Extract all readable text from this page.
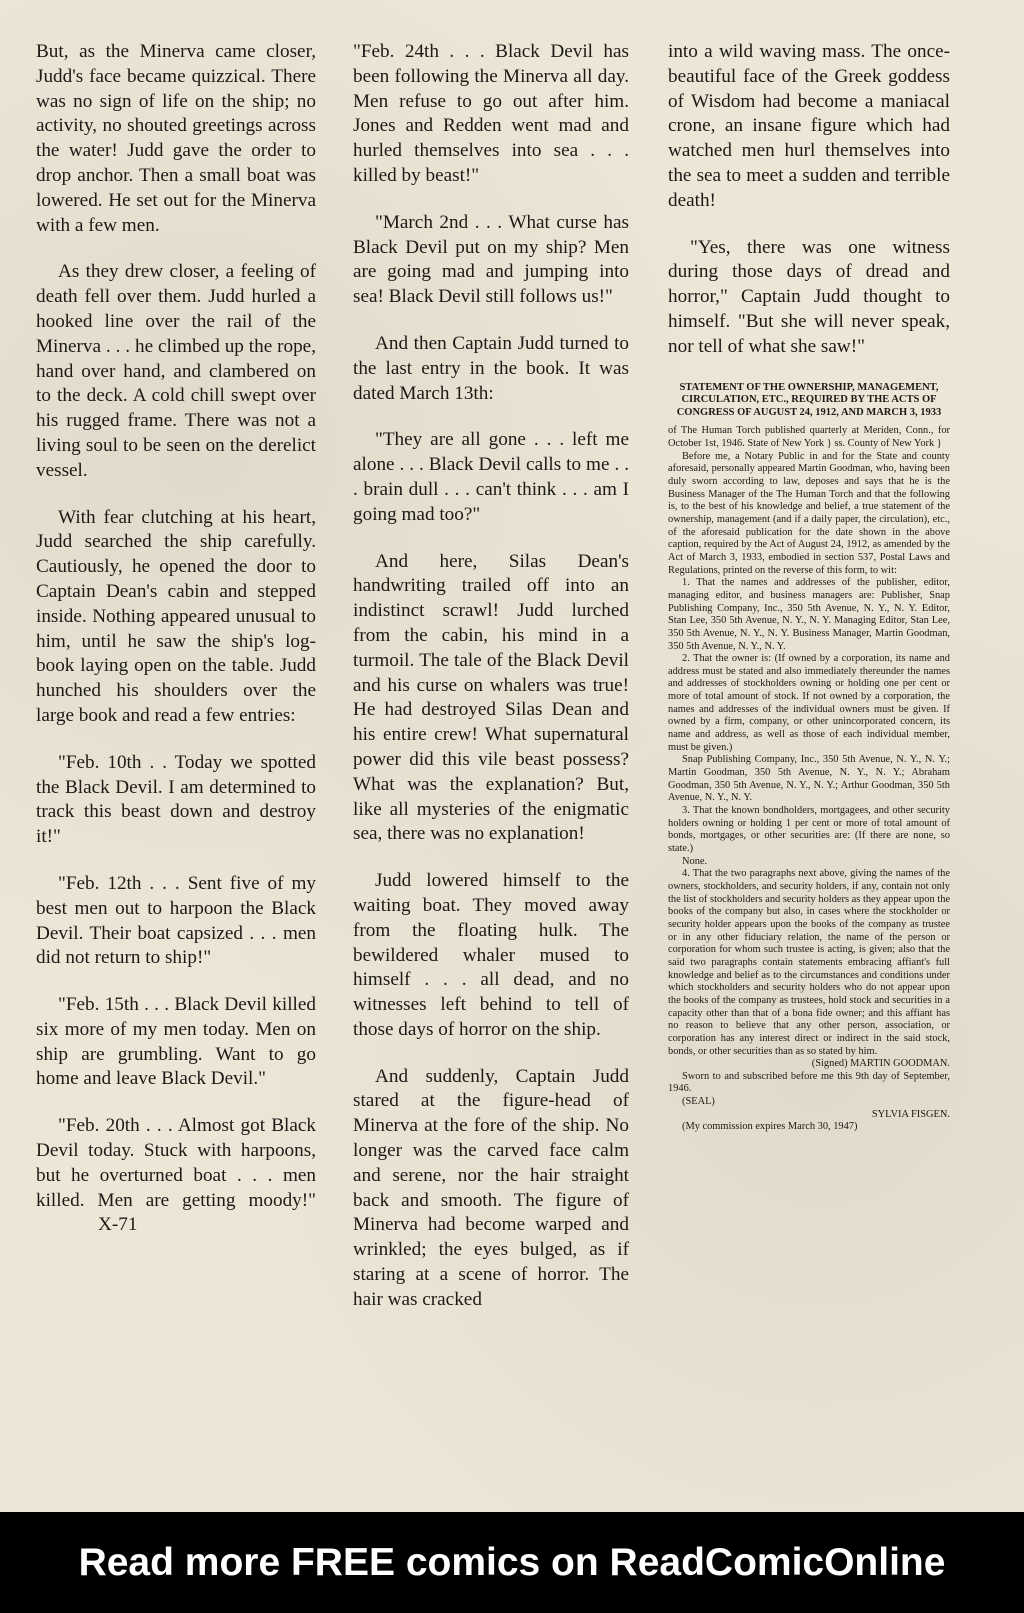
But, as the Minerva came closer, Judd's face became quizzical. There was no sign of life on the ship; no activity, no shouted greetings across the water! Judd gave the order to drop anchor. Then a small boat was lowered. He set out for the Minerva with a few men.

As they drew closer, a feeling of death fell over them. Judd hurled a hooked line over the rail of the Minerva . . . he climbed up the rope, hand over hand, and clambered on to the deck. A cold chill swept over his rugged frame. There was not a living soul to be seen on the derelict vessel.

With fear clutching at his heart, Judd searched the ship carefully. Cautiously, he opened the door to Captain Dean's cabin and stepped inside. Nothing appeared unusual to him, until he saw the ship's log-book laying open on the table. Judd hunched his shoulders over the large book and read a few entries:

"Feb. 10th . . Today we spotted the Black Devil. I am determined to track this beast down and destroy it!"

"Feb. 12th . . . Sent five of my best men out to harpoon the Black Devil. Their boat capsized . . . men did not return to ship!"

"Feb. 15th . . . Black Devil killed six more of my men today. Men on ship are grumbling. Want to go home and leave Black Devil."

"Feb. 20th . . . Almost got Black Devil today. Stuck with harpoons, but he overturned boat . . . men killed. Men are getting moody!"X-71

"Feb. 24th . . . Black Devil has been following the Minerva all day. Men refuse to go out after him. Jones and Redden went mad and hurled themselves into sea . . . killed by beast!"

"March 2nd . . . What curse has Black Devil put on my ship? Men are going mad and jumping into sea! Black Devil still follows us!"

And then Captain Judd turned to the last entry in the book. It was dated March 13th:

"They are all gone . . . left me alone . . . Black Devil calls to me . . . brain dull . . . can't think . . . am I going mad too?"

And here, Silas Dean's handwriting trailed off into an indistinct scrawl! Judd lurched from the cabin, his mind in a turmoil. The tale of the Black Devil and his curse on whalers was true! He had destroyed Silas Dean and his entire crew! What supernatural power did this vile beast possess? What was the explanation? But, like all mysteries of the enigmatic sea, there was no explanation!

Judd lowered himself to the waiting boat. They moved away from the floating hulk. The bewildered whaler mused to himself . . . all dead, and no witnesses left behind to tell of those days of horror on the ship.

And suddenly, Captain Judd stared at the figure-head of Minerva at the fore of the ship. No longer was the carved face calm and serene, nor the hair straight back and smooth. The figure of Minerva had become warped and wrinkled; the eyes bulged, as if staring at a scene of horror. The hair was cracked

into a wild waving mass. The once-beautiful face of the Greek goddess of Wisdom had become a maniacal crone, an insane figure which had watched men hurl themselves into the sea to meet a sudden and terrible death!

"Yes, there was one witness during those days of dread and horror," Captain Judd thought to himself. "But she will never speak, nor tell of what she saw!"

STATEMENT OF THE OWNERSHIP, MANAGEMENT, CIRCULATION, ETC., REQUIRED BY THE ACTS OF CONGRESS OF AUGUST 24, 1912, AND MARCH 3, 1933

of The Human Torch published quarterly at Meriden, Conn., for October 1st, 1946. State of New York } ss. County of New York }

Before me, a Notary Public in and for the State and county aforesaid, personally appeared Martin Goodman, who, having been duly sworn according to law, deposes and says that he is the Business Manager of the The Human Torch and that the following is, to the best of his knowledge and belief, a true statement of the ownership, management (and if a daily paper, the circulation), etc., of the aforesaid publication for the date shown in the above caption, required by the Act of August 24, 1912, as amended by the Act of March 3, 1933, embodied in section 537, Postal Laws and Regulations, printed on the reverse of this form, to wit:

1. That the names and addresses of the publisher, editor, managing editor, and business managers are: Publisher, Snap Publishing Company, Inc., 350 5th Avenue, N. Y., N. Y. Editor, Stan Lee, 350 5th Avenue, N. Y., N. Y. Managing Editor, Stan Lee, 350 5th Avenue, N. Y., N. Y. Business Manager, Martin Goodman, 350 5th Avenue, N. Y., N. Y.

2. That the owner is: (If owned by a corporation, its name and address must be stated and also immediately thereunder the names and addresses of stockholders owning or holding one per cent or more of total amount of stock. If not owned by a corporation, the names and addresses of the individual owners must be given. If owned by a firm, company, or other unincorporated concern, its name and address, as well as those of each individual member, must be given.)

Snap Publishing Company, Inc., 350 5th Avenue, N. Y., N. Y.; Martin Goodman, 350 5th Avenue, N. Y., N. Y.; Abraham Goodman, 350 5th Avenue, N. Y., N. Y.; Arthur Goodman, 350 5th Avenue, N. Y., N. Y.

3. That the known bondholders, mortgagees, and other security holders owning or holding 1 per cent or more of total amount of bonds, mortgages, or other securities are: (If there are none, so state.)

None.

4. That the two paragraphs next above, giving the names of the owners, stockholders, and security holders, if any, contain not only the list of stockholders and security holders as they appear upon the books of the company but also, in cases where the stockholder or security holder appears upon the books of the company as trustee or in any other fiduciary relation, the name of the person or corporation for whom such trustee is acting, is given; also that the said two paragraphs contain statements embracing affiant's full knowledge and belief as to the circumstances and conditions under which stockholders and security holders who do not appear upon the books of the company as trustees, hold stock and securities in a capacity other than that of a bona fide owner; and this affiant has no reason to believe that any other person, association, or corporation has any interest direct or indirect in the said stock, bonds, or other securities than as so stated by him.

(Signed) MARTIN GOODMAN.

Sworn to and subscribed before me this 9th day of September, 1946.

(SEAL)

SYLVIA FISGEN.

(My commission expires March 30, 1947)

Read more FREE comics on ReadComicOnline
